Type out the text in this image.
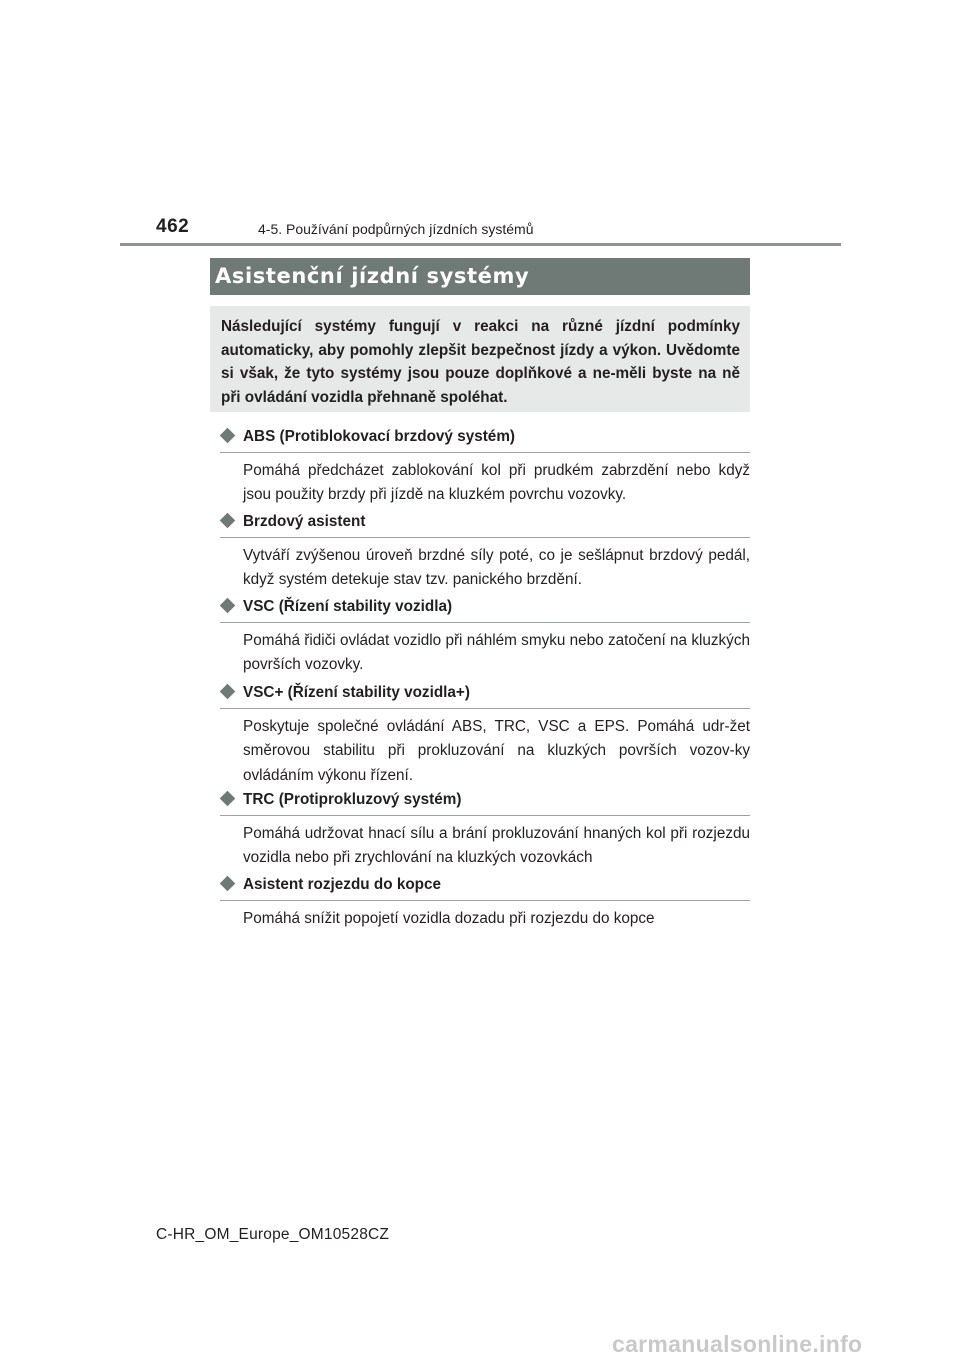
462	4-5. Používání podpůrných jízdních systémů
Asistenční jízdní systémy

Následující systémy fungují v reakci na různé jízdní podmínky automaticky, aby pomohly zlepšit bezpečnost jízdy a výkon. Uvědomte si však, že tyto systémy jsou pouze doplňkové a ne-měli byste na ně při ovládání vozidla přehnaně spoléhat.

ABS (Protiblokovací brzdový systém)

Pomáhá předcházet zablokování kol při prudkém zabrzdění nebo když jsou použity brzdy při jízdě na kluzkém povrchu vozovky.

Brzdový asistent

Vytváří zvýšenou úroveň brzdné síly poté, co je sešlápnut brzdový pedál, když systém detekuje stav tzv. panického brzdění.

VSC (Řízení stability vozidla)

Pomáhá řidiči ovládat vozidlo při náhlém smyku nebo zatočení na kluzkých površích vozovky.

VSC+ (Řízení stability vozidla+)

Poskytuje společné ovládání ABS, TRC, VSC a EPS. Pomáhá udr-žet směrovou stabilitu při prokluzování na kluzkých površích vozov-ky ovládáním výkonu řízení.

TRC (Protiprokluzový systém)

Pomáhá udržovat hnací sílu a brání prokluzování hnaných kol při rozjezdu vozidla nebo při zrychlování na kluzkých vozovkách

Asistent rozjezdu do kopce

Pomáhá snížit popojetí vozidla dozadu při rozjezdu do kopce

C-HR_OM_Europe_OM10528CZ
carmanualsonline.info
